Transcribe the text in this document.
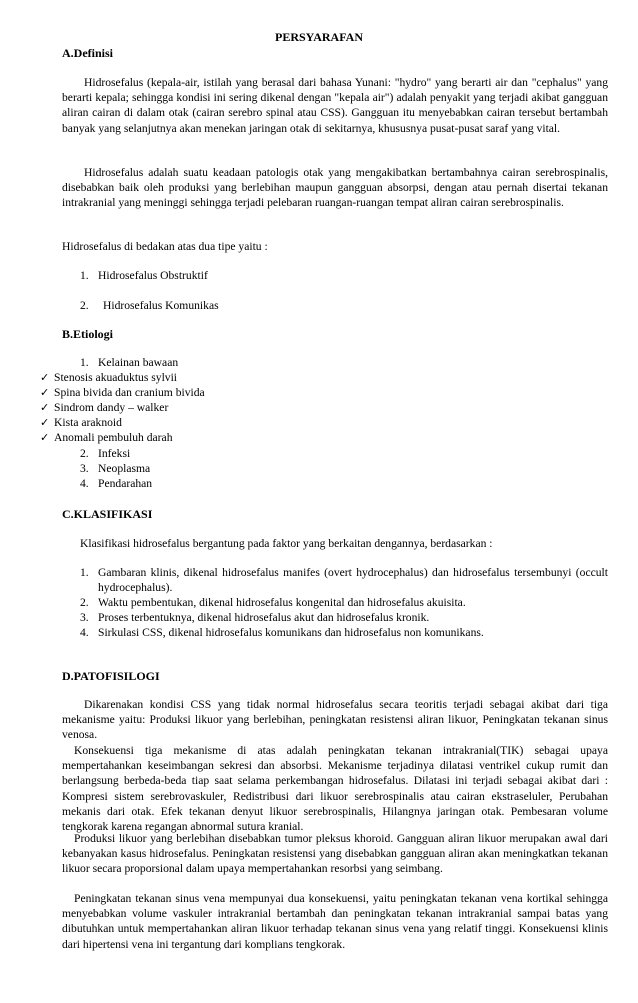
PERSYARAFAN
A.Definisi

Hidrosefalus (kepala-air, istilah yang berasal dari bahasa Yunani: "hydro" yang berarti air dan "cephalus" yang berarti kepala; sehingga kondisi ini sering dikenal dengan "kepala air") adalah penyakit yang terjadi akibat gangguan aliran cairan di dalam otak (cairan serebro spinal atau CSS). Gangguan itu menyebabkan cairan tersebut bertambah banyak yang selanjutnya akan menekan jaringan otak di sekitarnya, khususnya pusat-pusat saraf yang vital.

Hidrosefalus adalah suatu keadaan patologis otak yang mengakibatkan bertambahnya cairan serebrospinalis, disebabkan baik oleh produksi yang berlebihan maupun gangguan absorpsi, dengan atau pernah disertai tekanan intrakranial yang meninggi sehingga terjadi pelebaran ruangan-ruangan tempat aliran cairan serebrospinalis.

Hidrosefalus di bedakan atas dua tipe yaitu :

1. Hidrosefalus Obstruktif
2.	Hidrosefalus Komunikas
B.Etiologi
1. Kelainan bawaan
✓ Stenosis akuaduktus sylvii
✓ Spina bivida dan cranium bivida
✓ Sindrom dandy – walker
✓ Kista araknoid
✓ Anomali pembuluh darah
2. Infeksi
3. Neoplasma
4. Pendarahan
C.KLASIFIKASI
Klasifikasi hidrosefalus bergantung pada faktor yang berkaitan dengannya, berdasarkan :
1. Gambaran klinis, dikenal hidrosefalus manifes (overt hydrocephalus) dan hidrosefalus tersembunyi (occult hydrocephalus).
2. Waktu pembentukan, dikenal hidrosefalus kongenital dan hidrosefalus akuisita.
3. Proses terbentuknya, dikenal hidrosefalus akut dan hidrosefalus kronik.
4. Sirkulasi CSS, dikenal hidrosefalus komunikans dan hidrosefalus non komunikans.
D.PATOFISILOGI

Dikarenakan kondisi CSS yang tidak normal hidrosefalus secara teoritis terjadi sebagai akibat dari tiga mekanisme yaitu: Produksi likuor yang berlebihan, peningkatan resistensi aliran likuor, Peningkatan tekanan sinus venosa.

Konsekuensi tiga mekanisme di atas adalah peningkatan tekanan intrakranial(TIK) sebagai upaya mempertahankan keseimbangan sekresi dan absorbsi. Mekanisme terjadinya dilatasi ventrikel cukup rumit dan berlangsung berbeda-beda tiap saat selama perkembangan hidrosefalus. Dilatasi ini terjadi sebagai akibat dari : Kompresi sistem serebrovaskuler, Redistribusi dari likuor serebrospinalis atau cairan ekstraseluler, Perubahan mekanis dari otak. Efek tekanan denyut likuor serebrospinalis, Hilangnya jaringan otak. Pembesaran volume tengkorak karena regangan abnormal sutura kranial.

Produksi likuor yang berlebihan disebabkan tumor pleksus khoroid. Gangguan aliran likuor merupakan awal dari kebanyakan kasus hidrosefalus. Peningkatan resistensi yang disebabkan gangguan aliran akan meningkatkan tekanan likuor secara proporsional dalam upaya mempertahankan resorbsi yang seimbang.

Peningkatan tekanan sinus vena mempunyai dua konsekuensi, yaitu peningkatan tekanan vena kortikal sehingga menyebabkan volume vaskuler intrakranial bertambah dan peningkatan tekanan intrakranial sampai batas yang dibutuhkan untuk mempertahankan aliran likuor terhadap tekanan sinus vena yang relatif tinggi. Konsekuensi klinis dari hipertensi vena ini tergantung dari komplians tengkorak.
